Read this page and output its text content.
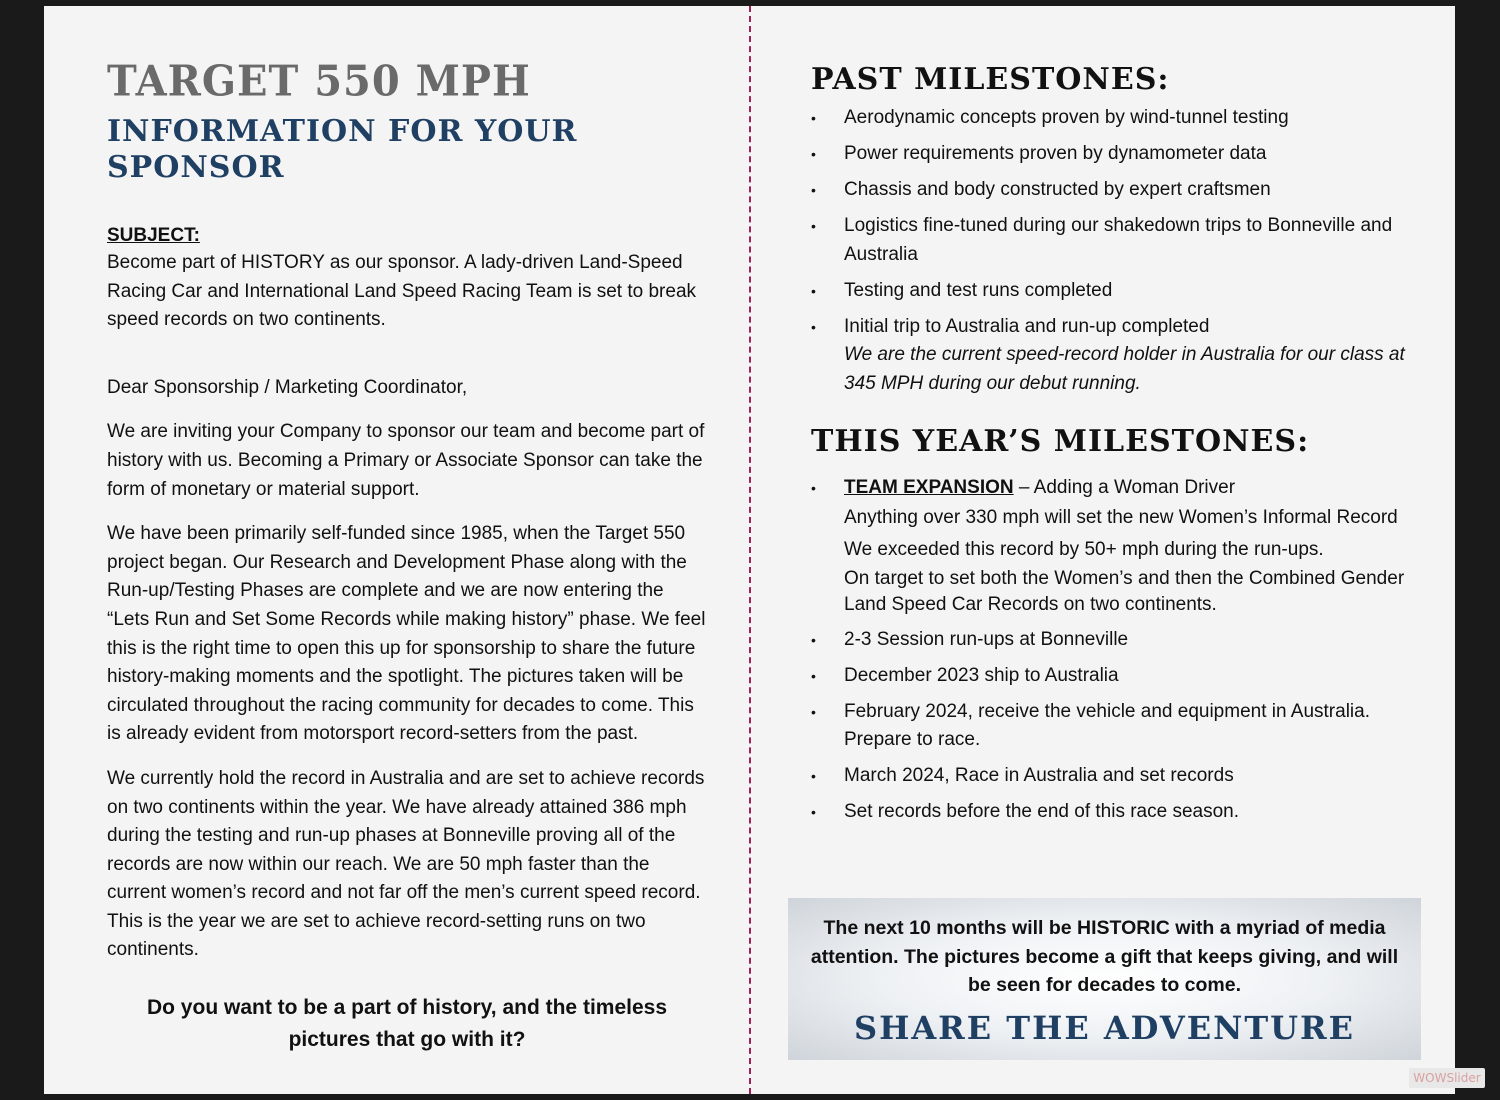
TARGET 550 MPH
INFORMATION FOR YOUR SPONSOR
SUBJECT:

Become part of HISTORY as our sponsor. A lady-driven Land-Speed Racing Car and International Land Speed Racing Team is set to break speed records on two continents.

Dear Sponsorship / Marketing Coordinator,

We are inviting your Company to sponsor our team and become part of history with us. Becoming a Primary or Associate Sponsor can take the form of monetary or material support.

We have been primarily self-funded since 1985, when the Target 550 project began. Our Research and Development Phase along with the Run-up/Testing Phases are complete and we are now entering the “Lets Run and Set Some Records while making history” phase. We feel this is the right time to open this up for sponsorship to share the future history-making moments and the spotlight. The pictures taken will be circulated throughout the racing community for decades to come. This is already evident from motorsport record-setters from the past.

We currently hold the record in Australia and are set to achieve records on two continents within the year. We have already attained 386 mph during the testing and run-up phases at Bonneville proving all of the records are now within our reach. We are 50 mph faster than the current women’s record and not far off the men’s current speed record. This is the year we are set to achieve record-setting runs on two continents.

Do you want to be a part of history, and the timeless pictures that go with it?
PAST MILESTONES:
• Aerodynamic concepts proven by wind-tunnel testing
• Power requirements proven by dynamometer data
• Chassis and body constructed by expert craftsmen
• Logistics fine-tuned during our shakedown trips to Bonneville and Australia
• Testing and test runs completed
• Initial trip to Australia and run-up completed
We are the current speed-record holder in Australia for our class at 345 MPH during our debut running.
THIS YEAR’S MILESTONES:
• TEAM EXPANSION – Adding a Woman Driver
Anything over 330 mph will set the new Women’s Informal Record
We exceeded this record by 50+ mph during the run-ups.
On target to set both the Women’s and then the Combined Gender Land Speed Car Records on two continents.
• 2-3 Session run-ups at Bonneville
• December 2023 ship to Australia
• February 2024, receive the vehicle and equipment in Australia. Prepare to race.
• March 2024, Race in Australia and set records
• Set records before the end of this race season.

The next 10 months will be HISTORIC with a myriad of media attention. The pictures become a gift that keeps giving, and will be seen for decades to come.

SHARE THE ADVENTURE
WOWSlider
